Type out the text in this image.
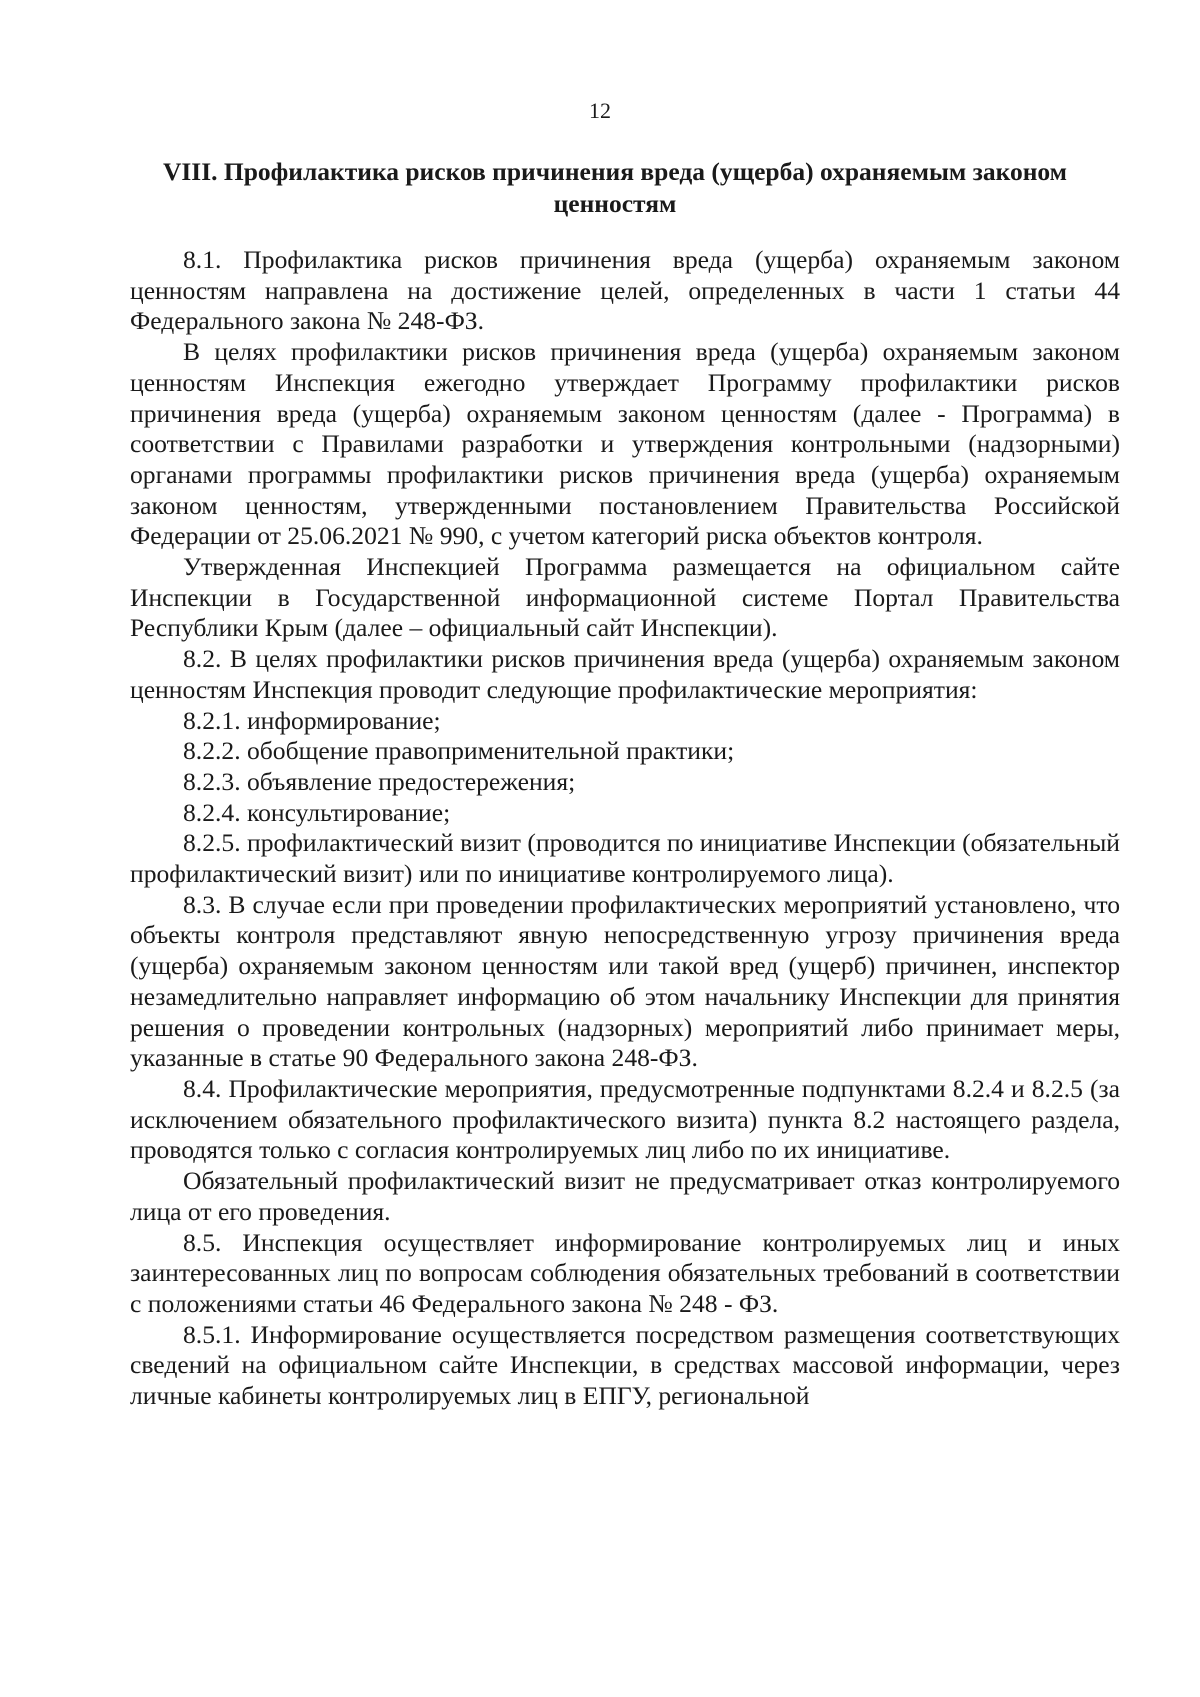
12
VIII. Профилактика рисков причинения вреда (ущерба) охраняемым законом ценностям

8.1. Профилактика рисков причинения вреда (ущерба) охраняемым законом ценностям направлена на достижение целей, определенных в части 1 статьи 44 Федерального закона № 248-ФЗ.

В целях профилактики рисков причинения вреда (ущерба) охраняемым законом ценностям Инспекция ежегодно утверждает Программу профилактики рисков причинения вреда (ущерба) охраняемым законом ценностям (далее - Программа) в соответствии с Правилами разработки и утверждения контрольными (надзорными) органами программы профилактики рисков причинения вреда (ущерба) охраняемым законом ценностям, утвержденными постановлением Правительства Российской Федерации от 25.06.2021 № 990, с учетом категорий риска объектов контроля.

Утвержденная Инспекцией Программа размещается на официальном сайте Инспекции в Государственной информационной системе Портал Правительства Республики Крым (далее – официальный сайт Инспекции).

8.2. В целях профилактики рисков причинения вреда (ущерба) охраняемым законом ценностям Инспекция проводит следующие профилактические мероприятия:

8.2.1. информирование;

8.2.2. обобщение правоприменительной практики;

8.2.3. объявление предостережения;

8.2.4. консультирование;

8.2.5. профилактический визит (проводится по инициативе Инспекции (обязательный профилактический визит) или по инициативе контролируемого лица).

8.3. В случае если при проведении профилактических мероприятий установлено, что объекты контроля представляют явную непосредственную угрозу причинения вреда (ущерба) охраняемым законом ценностям или такой вред (ущерб) причинен, инспектор незамедлительно направляет информацию об этом начальнику Инспекции для принятия решения о проведении контрольных (надзорных) мероприятий либо принимает меры, указанные в статье 90 Федерального закона 248-ФЗ.

8.4. Профилактические мероприятия, предусмотренные подпунктами 8.2.4 и 8.2.5 (за исключением обязательного профилактического визита) пункта 8.2 настоящего раздела, проводятся только с согласия контролируемых лиц либо по их инициативе.

Обязательный профилактический визит не предусматривает отказ контролируемого лица от его проведения.

8.5. Инспекция осуществляет информирование контролируемых лиц и иных заинтересованных лиц по вопросам соблюдения обязательных требований в соответствии с положениями статьи 46 Федерального закона № 248 - ФЗ.

8.5.1. Информирование осуществляется посредством размещения соответствующих сведений на официальном сайте Инспекции, в средствах массовой информации, через личные кабинеты контролируемых лиц в ЕПГУ, региональной
